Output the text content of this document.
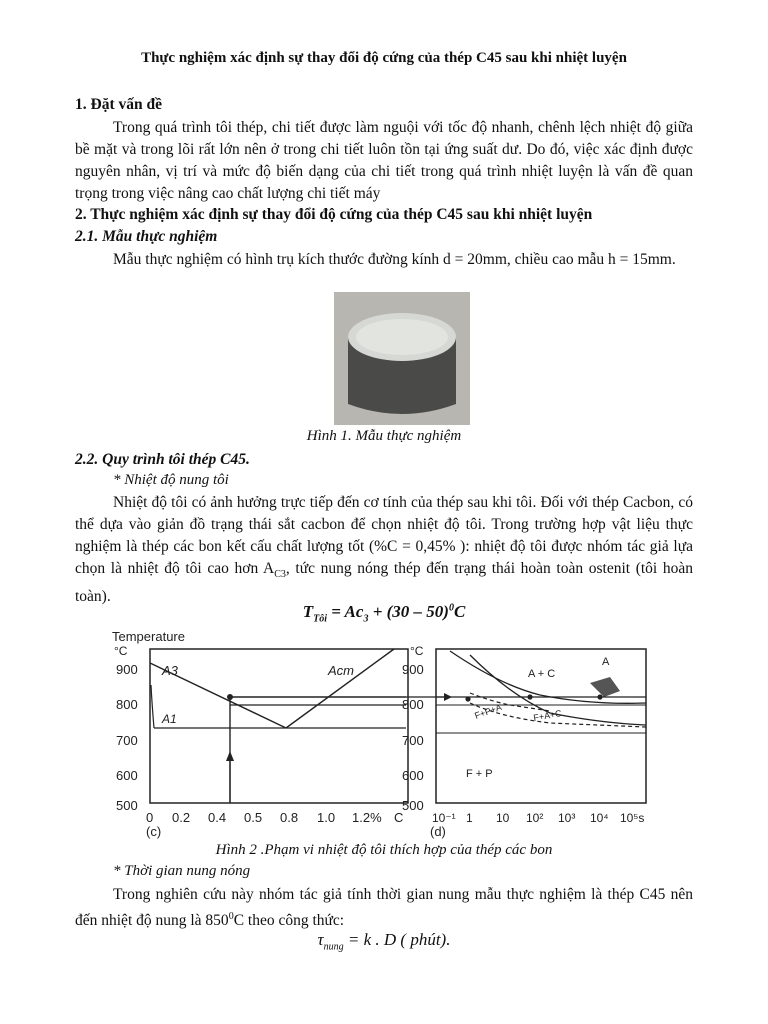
Thực nghiệm xác định sự thay đổi độ cứng của thép C45 sau khi nhiệt luyện
1. Đặt vấn đề

Trong quá trình tôi thép, chi tiết được làm nguội với tốc độ nhanh, chênh lệch nhiệt độ giữa bề mặt và trong lõi rất lớn nên ở trong chi tiết luôn tồn tại ứng suất dư. Do đó, việc xác định được nguyên nhân, vị trí và mức độ biến dạng của chi tiết trong quá trình nhiệt luyện là vấn đề quan trọng trong việc nâng cao chất lượng chi tiết máy

2. Thực nghiệm xác định sự thay đổi độ cứng của thép C45 sau khi nhiệt luyện
2.1. Mẫu thực nghiệm

Mẫu thực nghiệm có hình trụ kích thước đường kính d = 20mm, chiều cao mẫu h = 15mm.

Hình 1. Mẫu thực nghiệm
2.2. Quy trình tôi thép C45.
* Nhiệt độ nung tôi

Nhiệt độ tôi có ảnh hưởng trực tiếp đến cơ tính của thép sau khi tôi. Đối với thép Cacbon, có thể dựa vào giản đồ trạng thái sắt cacbon để chọn nhiệt độ tôi. Trong trường hợp vật liệu thực nghiệm là thép các bon kết cấu chất lượng tốt (%C = 0,45% ): nhiệt độ tôi được nhóm tác giả lựa chọn là nhiệt độ tôi cao hơn $A_{C3}$, tức nung nóng thép đến trạng thái hoàn toàn ostenit (tôi hoàn toàn).

$T_{Tôi} = Ac_3 + (30 - 50)^0C$
Temperature
°C
900
800
700
600
500
0 0.2 0.4 0.5 0.8 1.0 1.2% C
(c)
A3	Acm
A1
°C
900
800
700
600
500
10⁻¹ 1 10 10² 10³ 10⁴ 10⁵s
(d)
A + C
A
F+P+A	F+A+C
F + P
Hình 2 .Phạm vi nhiệt độ tôi thích hợp của thép các bon
* Thời gian nung nóng

Trong nghiên cứu này nhóm tác giả tính thời gian nung mẫu thực nghiệm là thép C45 nên đến nhiệt độ nung là $850^0C$ theo công thức:

$\tau_{nung} = k$ . D ( phút).
